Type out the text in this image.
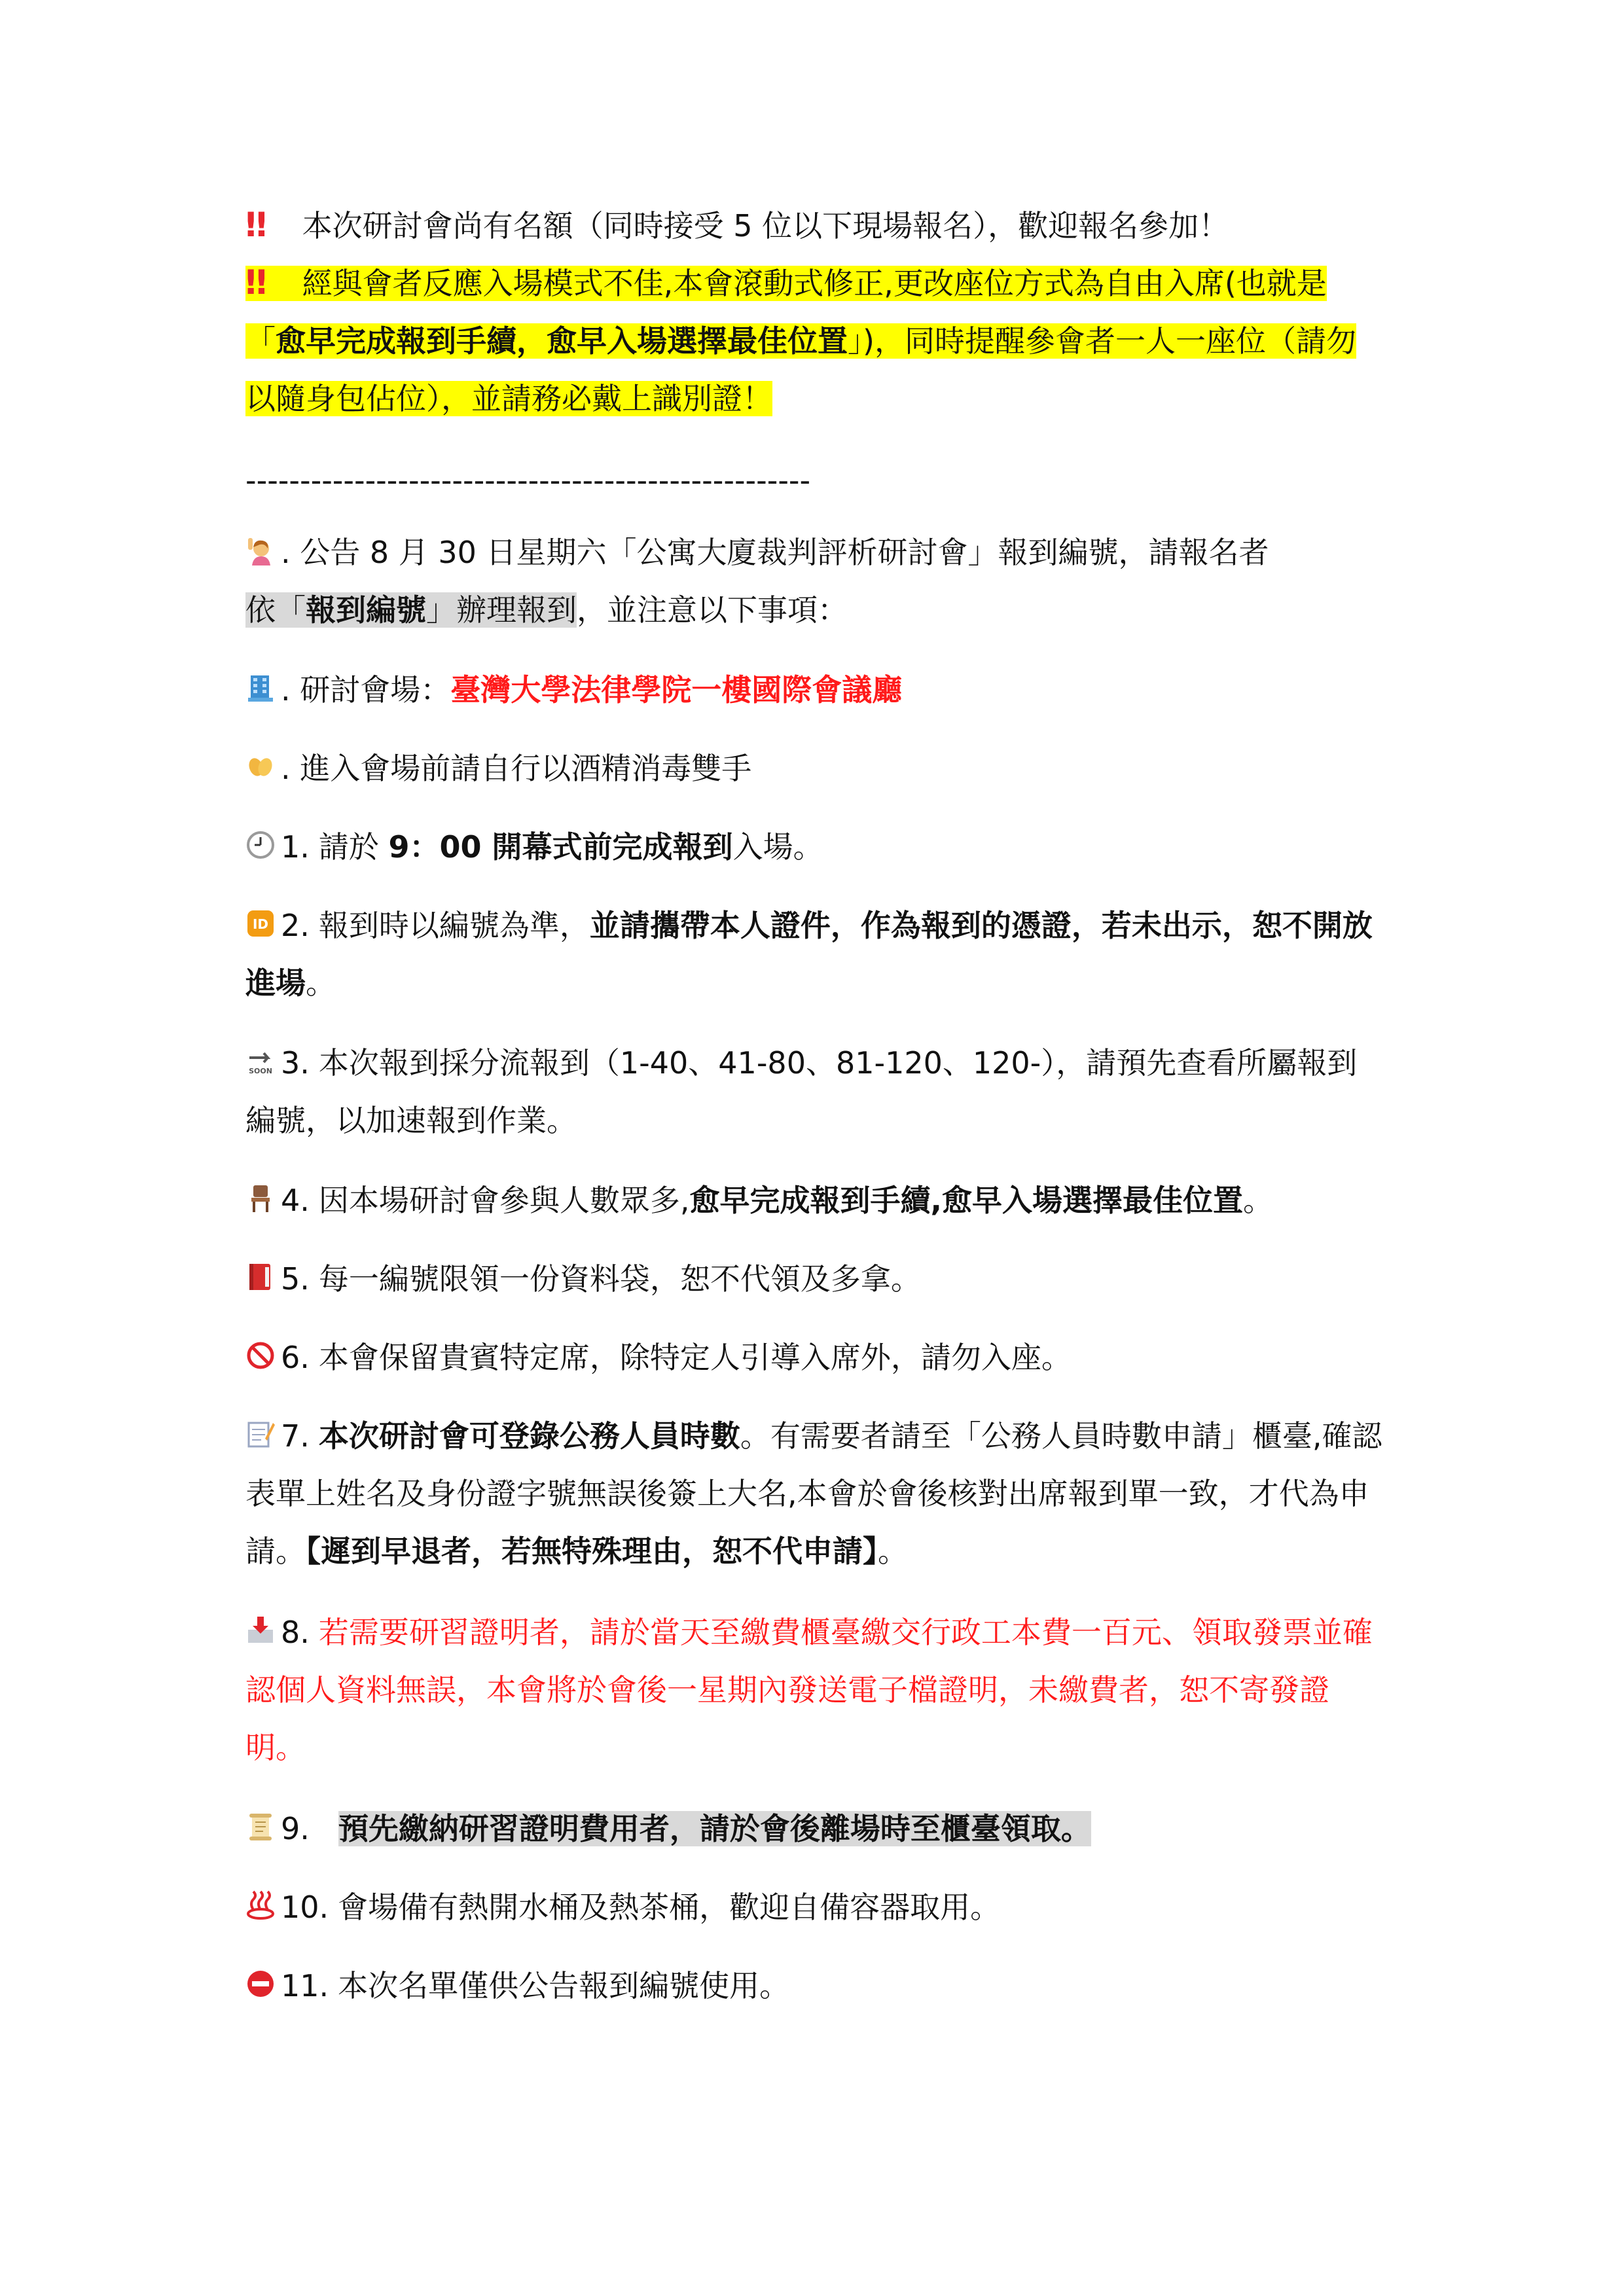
‼ 本次研討會尚有名額（同時接受 5 位以下現場報名），歡迎報名參加！
‼ 經與會者反應入場模式不佳,本會滾動式修正,更改座位方式為自由入席(也就是「愈早完成報到手續，愈早入場選擇最佳位置」)，同時提醒參會者一人一座位（請勿以隨身包佔位），並請務必戴上識別證！
----------------------------------------------------
. 公告 8 月 30 日星期六「公寓大廈裁判評析研討會」報到編號，請報名者
依「報到編號」辦理報到，並注意以下事項：
. 研討會場：臺灣大學法律學院一樓國際會議廳
. 進入會場前請自行以酒精消毒雙手
1. 請於 9：00 開幕式前完成報到入場。
ID 2. 報到時以編號為準，並請攜帶本人證件，作為報到的憑證，若未出示，恕不開放進場。
SOON 3. 本次報到採分流報到（1-40、41-80、81-120、120-），請預先查看所屬報到編號，以加速報到作業。
4. 因本場研討會參與人數眾多,愈早完成報到手續,愈早入場選擇最佳位置。
5. 每一編號限領一份資料袋，恕不代領及多拿。
6. 本會保留貴賓特定席，除特定人引導入席外，請勿入座。
7. 本次研討會可登錄公務人員時數。有需要者請至「公務人員時數申請」櫃臺,確認表單上姓名及身份證字號無誤後簽上大名,本會於會後核對出席報到單一致，才代為申請。【遲到早退者，若無特殊理由，恕不代申請】。
8. 若需要研習證明者，請於當天至繳費櫃臺繳交行政工本費一百元、領取發票並確認個人資料無誤，本會將於會後一星期內發送電子檔證明，未繳費者，恕不寄發證明。
9. 預先繳納研習證明費用者，請於會後離場時至櫃臺領取。
10. 會場備有熱開水桶及熱茶桶，歡迎自備容器取用。
11. 本次名單僅供公告報到編號使用。
